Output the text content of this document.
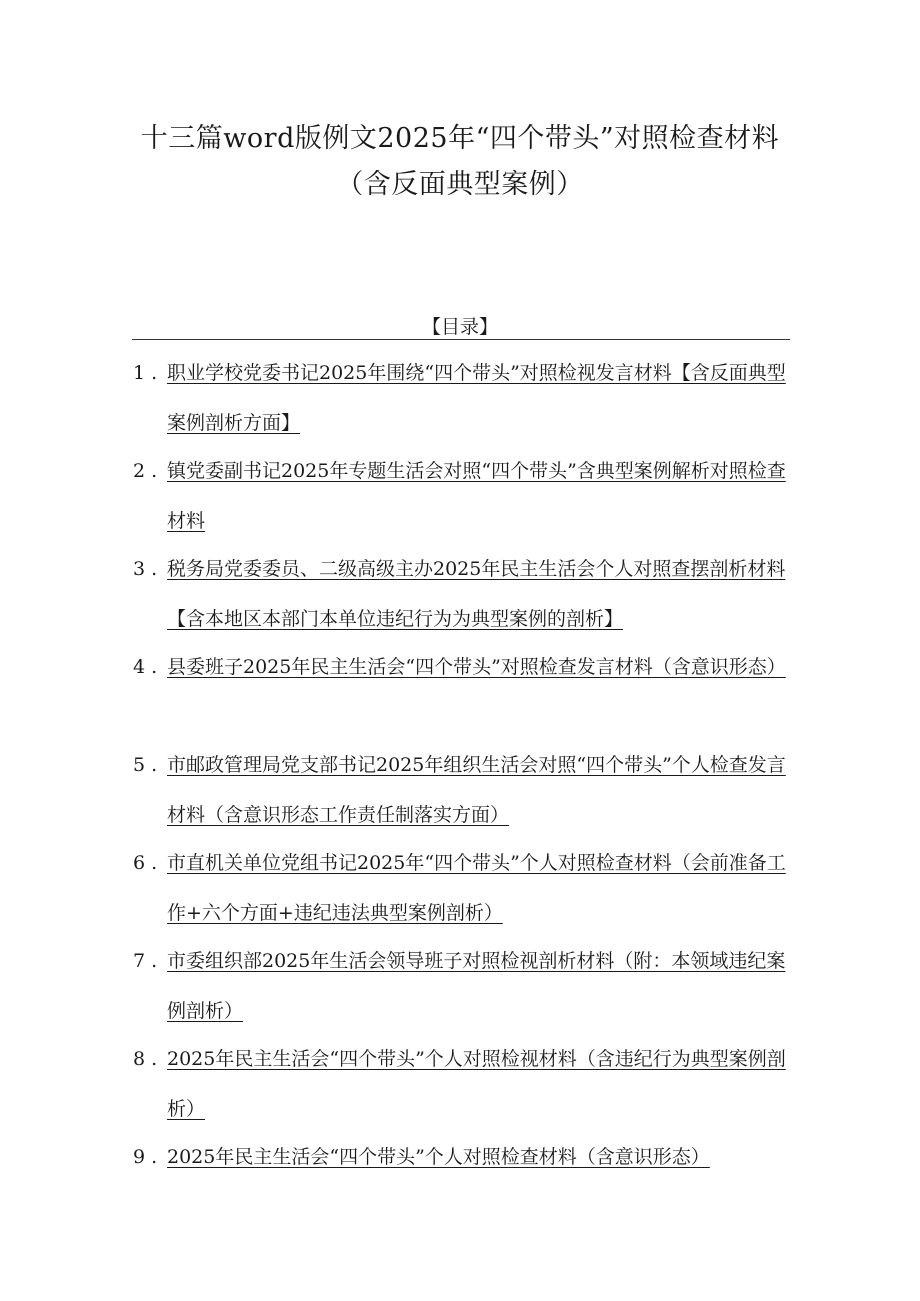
十三篇word版例文2025年“四个带头”对照检查材料
（含反面典型案例）
【目录】
1 . 职业学校党委书记2025年围绕“四个带头”对照检视发言材料【含反面典型案例剖析方面】
2 . 镇党委副书记2025年专题生活会对照“四个带头”含典型案例解析对照检查材料
3 . 税务局党委委员、二级高级主办2025年民主生活会个人对照查摆剖析材料【含本地区本部门本单位违纪行为为典型案例的剖析】
4 . 县委班子2025年民主生活会“四个带头”对照检查发言材料（含意识形态）
5 . 市邮政管理局党支部书记2025年组织生活会对照“四个带头”个人检查发言材料（含意识形态工作责任制落实方面）
6 . 市直机关单位党组书记2025年“四个带头”个人对照检查材料（会前准备工作+六个方面+违纪违法典型案例剖析）
7 . 市委组织部2025年生活会领导班子对照检视剖析材料（附：本领域违纪案例剖析）
8 . 2025年民主生活会“四个带头”个人对照检视材料（含违纪行为典型案例剖析）
9 . 2025年民主生活会“四个带头”个人对照检查材料（含意识形态）
